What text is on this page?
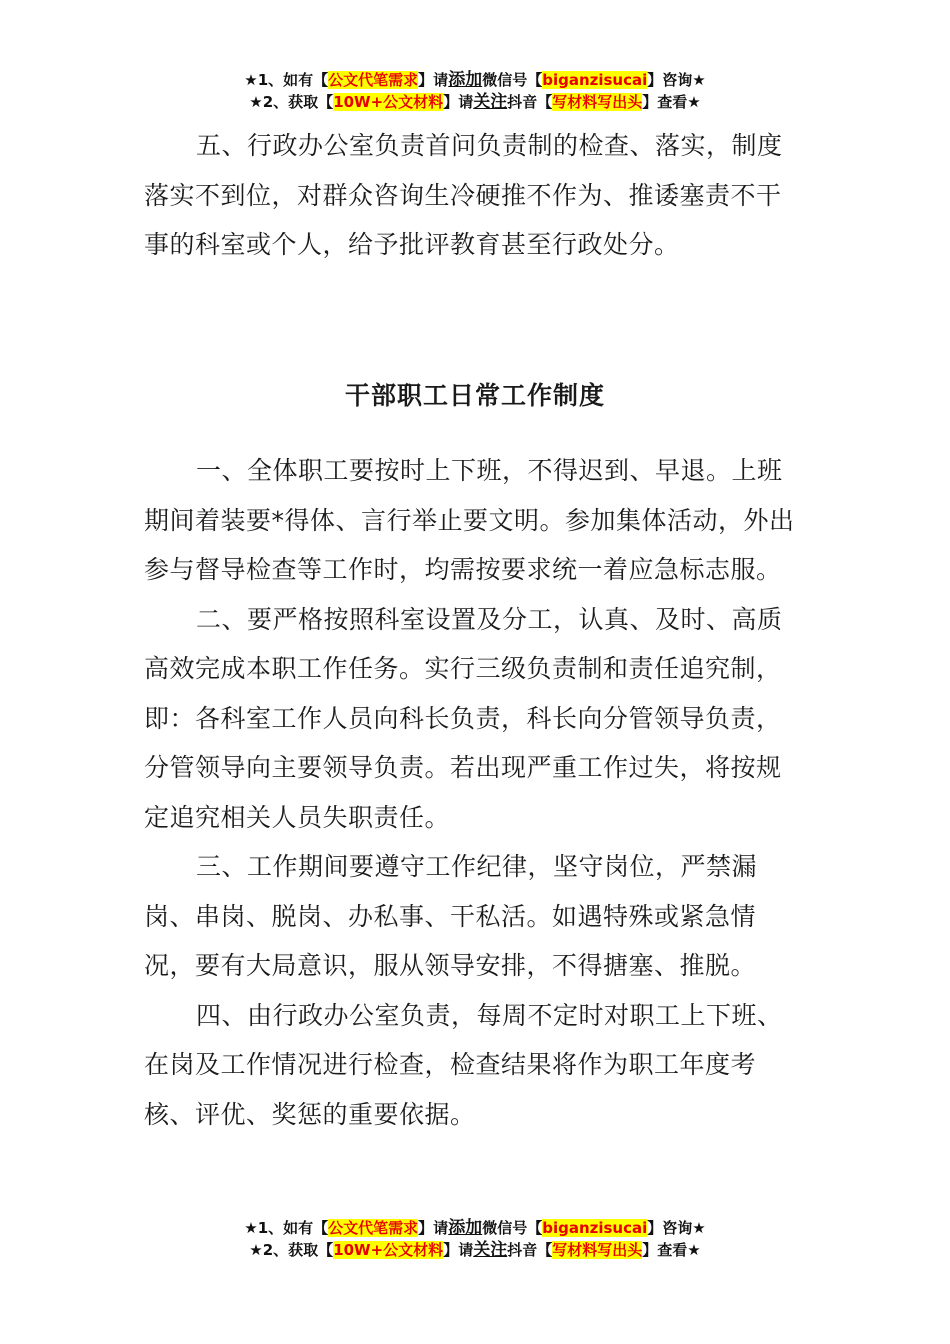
★1、如有【公文代笔需求】请添加微信号【biganzisucai】咨询★
★2、获取【10W+公文材料】请关注抖音【写材料写出头】查看★

五、行政办公室负责首问负责制的检查、落实，制度落实不到位，对群众咨询生冷硬推不作为、推诿塞责不干事的科室或个人，给予批评教育甚至行政处分。

干部职工日常工作制度

一、全体职工要按时上下班，不得迟到、早退。上班期间着装要*得体、言行举止要文明。参加集体活动，外出参与督导检查等工作时，均需按要求统一着应急标志服。

二、要严格按照科室设置及分工，认真、及时、高质高效完成本职工作任务。实行三级负责制和责任追究制，即：各科室工作人员向科长负责，科长向分管领导负责，分管领导向主要领导负责。若出现严重工作过失，将按规定追究相关人员失职责任。

三、工作期间要遵守工作纪律，坚守岗位，严禁漏岗、串岗、脱岗、办私事、干私活。如遇特殊或紧急情况，要有大局意识，服从领导安排，不得搪塞、推脱。

四、由行政办公室负责，每周不定时对职工上下班、在岗及工作情况进行检查，检查结果将作为职工年度考核、评优、奖惩的重要依据。

★1、如有【公文代笔需求】请添加微信号【biganzisucai】咨询★
★2、获取【10W+公文材料】请关注抖音【写材料写出头】查看★
